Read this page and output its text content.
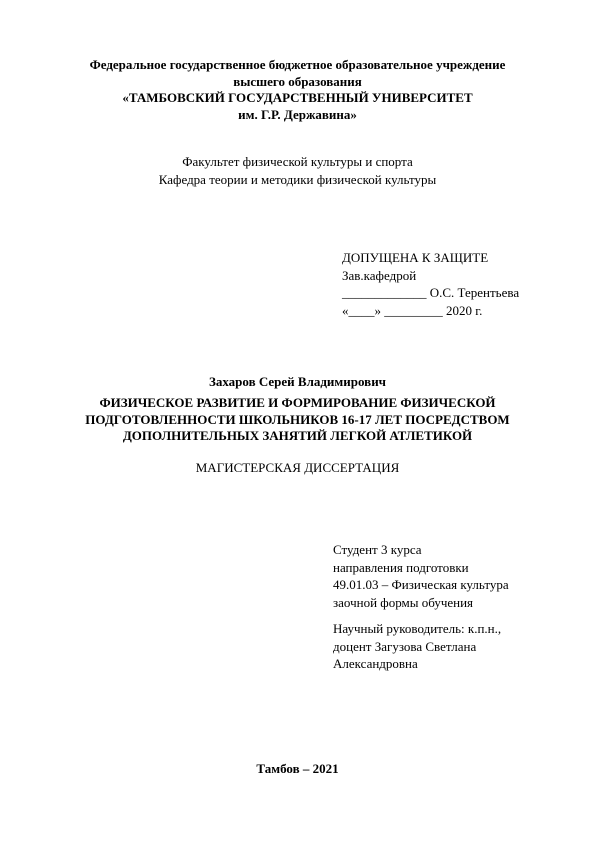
Федеральное государственное бюджетное образовательное учреждение
высшего образования
«ТАМБОВСКИЙ ГОСУДАРСТВЕННЫЙ УНИВЕРСИТЕТ
им. Г.Р. Державина»
Факультет физической культуры и спорта
Кафедра теории и методики физической культуры
ДОПУЩЕНА К ЗАЩИТЕ
Зав.кафедрой
_____________ О.С. Терентьева
«____» _________ 2020 г.
Захаров Серей Владимирович
ФИЗИЧЕСКОЕ РАЗВИТИЕ И ФОРМИРОВАНИЕ ФИЗИЧЕСКОЙ
ПОДГОТОВЛЕННОСТИ ШКОЛЬНИКОВ 16-17 ЛЕТ ПОСРЕДСТВОМ
ДОПОЛНИТЕЛЬНЫХ ЗАНЯТИЙ ЛЕГКОЙ АТЛЕТИКОЙ
МАГИСТЕРСКАЯ ДИССЕРТАЦИЯ
Студент 3 курса
направления подготовки
49.01.03 – Физическая культура
заочной формы обучения
Научный руководитель: к.п.н.,
доцент Загузова Светлана
Александровна
Тамбов – 2021
